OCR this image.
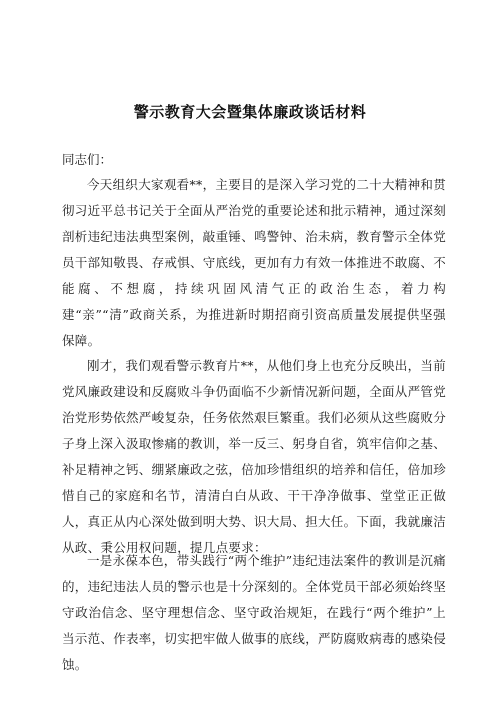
警示教育大会暨集体廉政谈话材料
同志们：
今天组织大家观看**，主要目的是深入学习党的二十大精神和贯彻习近平总书记关于全面从严治党的重要论述和批示精神，通过深刻剖析违纪违法典型案例，敲重锤、鸣警钟、治未病，教育警示全体党员干部知敬畏、存戒惧、守底线，更加有力有效一体推进不敢腐、不能腐、不想腐，持续巩固风清气正的政治生态，着力构建“亲”“清”政商关系，为推进新时期招商引资高质量发展提供坚强保障。
刚才，我们观看警示教育片**，从他们身上也充分反映出，当前党风廉政建设和反腐败斗争仍面临不少新情况新问题，全面从严管党治党形势依然严峻复杂，任务依然艰巨繁重。我们必须从这些腐败分子身上深入汲取惨痛的教训，举一反三、躬身自省，筑牢信仰之基、补足精神之钙、绷紧廉政之弦，倍加珍惜组织的培养和信任，倍加珍惜自己的家庭和名节，清清白白从政、干干净净做事、堂堂正正做人，真正从内心深处做到明大势、识大局、担大任。下面，我就廉洁从政、秉公用权问题，提几点要求：
一是永葆本色，带头践行“两个维护”违纪违法案件的教训是沉痛的，违纪违法人员的警示也是十分深刻的。全体党员干部必须始终坚守政治信念、坚守理想信念、坚守政治规矩，在践行“两个维护”上当示范、作表率，切实把牢做人做事的底线，严防腐败病毒的感染侵蚀。
